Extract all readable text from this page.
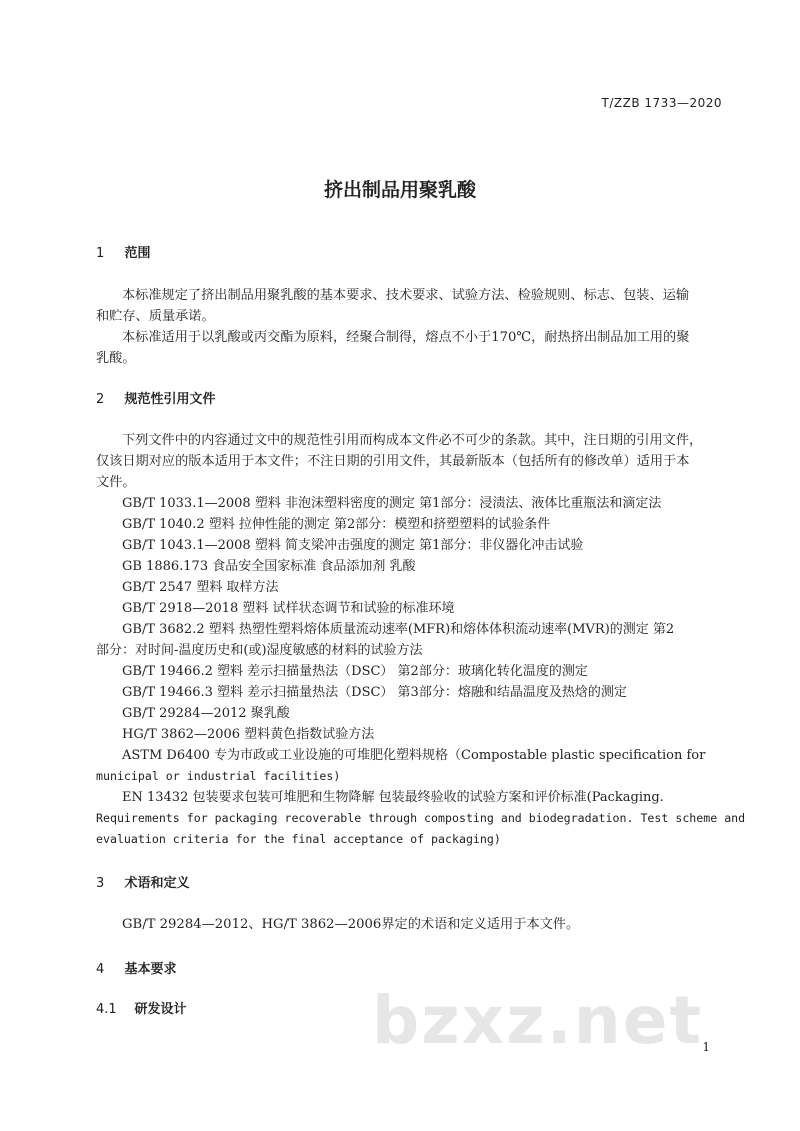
T/ZZB 1733—2020
挤出制品用聚乳酸
1 范围
本标准规定了挤出制品用聚乳酸的基本要求、技术要求、试验方法、检验规则、标志、包装、运输
和贮存、质量承诺。
本标准适用于以乳酸或丙交酯为原料，经聚合制得，熔点不小于170℃，耐热挤出制品加工用的聚
乳酸。
2 规范性引用文件
下列文件中的内容通过文中的规范性引用而构成本文件必不可少的条款。其中，注日期的引用文件，
仅该日期对应的版本适用于本文件；不注日期的引用文件，其最新版本（包括所有的修改单）适用于本
文件。
GB/T 1033.1—2008 塑料 非泡沫塑料密度的测定 第1部分：浸渍法、液体比重瓶法和滴定法
GB/T 1040.2 塑料 拉伸性能的测定 第2部分：模塑和挤塑塑料的试验条件
GB/T 1043.1—2008 塑料 简支梁冲击强度的测定 第1部分：非仪器化冲击试验
GB 1886.173 食品安全国家标准 食品添加剂 乳酸
GB/T 2547 塑料 取样方法
GB/T 2918—2018 塑料 试样状态调节和试验的标准环境
GB/T 3682.2 塑料 热塑性塑料熔体质量流动速率(MFR)和熔体体积流动速率(MVR)的测定 第2
部分：对时间-温度历史和(或)湿度敏感的材料的试验方法
GB/T 19466.2 塑料 差示扫描量热法（DSC） 第2部分：玻璃化转化温度的测定
GB/T 19466.3 塑料 差示扫描量热法（DSC） 第3部分：熔融和结晶温度及热焓的测定
GB/T 29284—2012 聚乳酸
HG/T 3862—2006 塑料黄色指数试验方法
ASTM D6400 专为市政或工业设施的可堆肥化塑料规格（Compostable plastic specification for
municipal or industrial facilities)
EN 13432 包装要求包装可堆肥和生物降解 包装最终验收的试验方案和评价标准(Packaging.
Requirements for packaging recoverable through composting and biodegradation. Test scheme and
evaluation criteria for the final acceptance of packaging)
3 术语和定义
GB/T 29284—2012、HG/T 3862—2006界定的术语和定义适用于本文件。
4 基本要求
4.1 研发设计	bzxz.net 1
